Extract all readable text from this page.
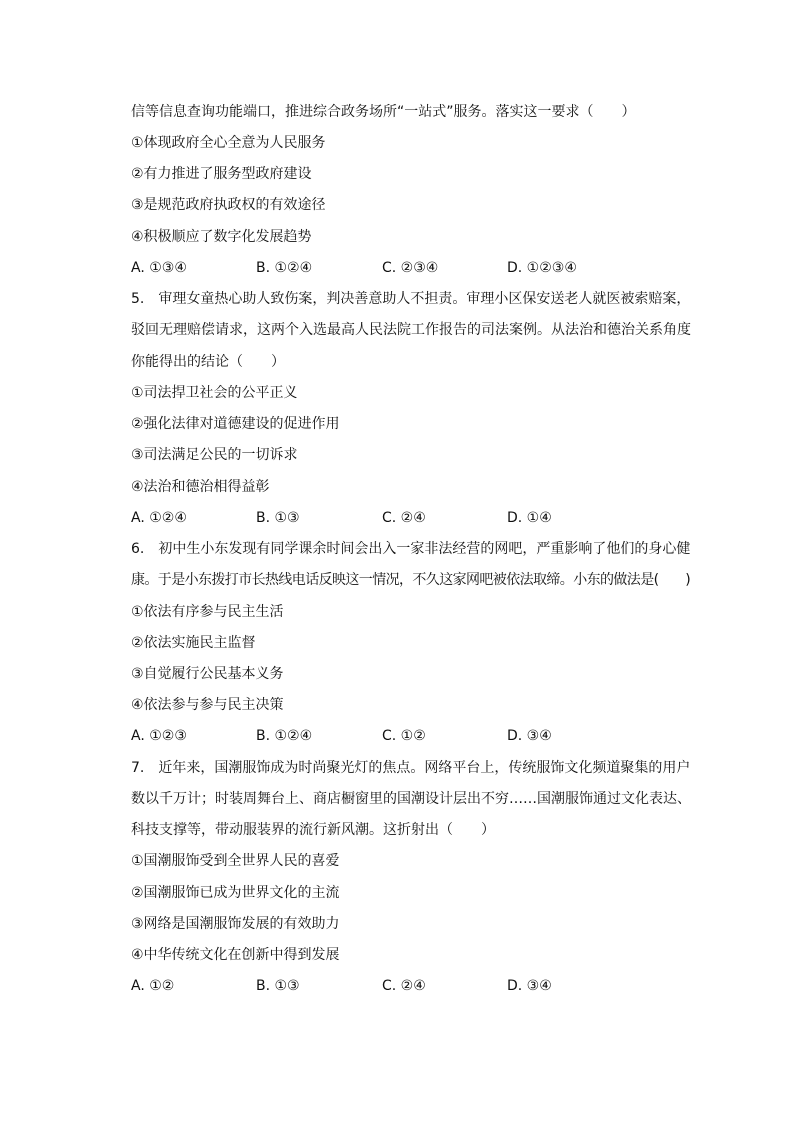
信等信息查询功能端口，推进综合政务场所“一站式”服务。落实这一要求（　　）
①体现政府全心全意为人民服务
②有力推进了服务型政府建设
③是规范政府执政权的有效途径
④积极顺应了数字化发展趋势
A. ①③④	B. ①②④	C. ②③④	D. ①②③④
5.　审理女童热心助人致伤案，判决善意助人不担责。审理小区保安送老人就医被索赔案，
驳回无理赔偿请求，这两个入选最高人民法院工作报告的司法案例。从法治和德治关系角度
你能得出的结论（　　）
①司法捍卫社会的公平正义
②强化法律对道德建设的促进作用
③司法满足公民的一切诉求
④法治和德治相得益彰
A. ①②④	B. ①③	C. ②④	D. ①④
6.　初中生小东发现有同学课余时间会出入一家非法经营的网吧，严重影响了他们的身心健
康。于是小东拨打市长热线电话反映这一情况，不久这家网吧被依法取缔。小东的做法是(　　)
①依法有序参与民主生活
②依法实施民主监督
③自觉履行公民基本义务
④依法参与参与民主决策
A. ①②③	B. ①②④	C. ①②	D. ③④
7.　近年来，国潮服饰成为时尚聚光灯的焦点。网络平台上，传统服饰文化频道聚集的用户
数以千万计；时装周舞台上、商店橱窗里的国潮设计层出不穷……国潮服饰通过文化表达、
科技支撑等，带动服装界的流行新风潮。这折射出（　　）
①国潮服饰受到全世界人民的喜爱
②国潮服饰已成为世界文化的主流
③网络是国潮服饰发展的有效助力
④中华传统文化在创新中得到发展
A. ①②	B. ①③	C. ②④	D. ③④
